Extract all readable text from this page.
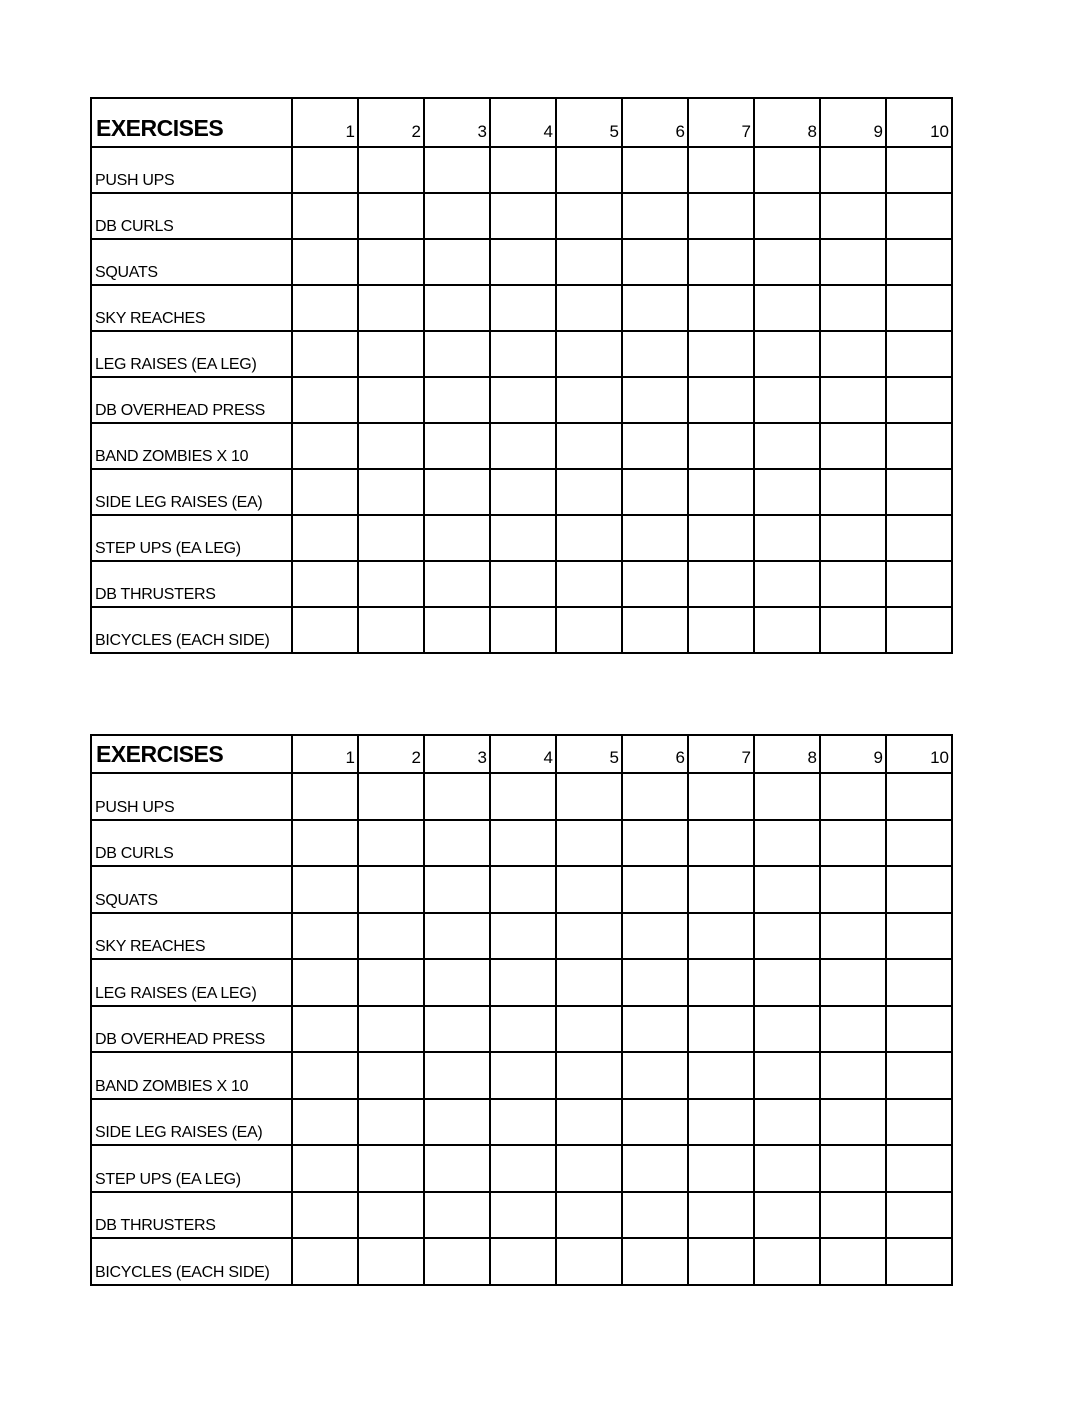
EXERCISES	1	2	3	4	5	6	7	8	9	10
PUSH UPS										
DB CURLS										
SQUATS										
SKY REACHES										
LEG RAISES (EA LEG)										
DB OVERHEAD PRESS										
BAND ZOMBIES X 10										
SIDE LEG RAISES (EA)										
STEP UPS (EA LEG)										
DB THRUSTERS										
BICYCLES (EACH SIDE)										
EXERCISES	1	2	3	4	5	6	7	8	9	10
PUSH UPS										
DB CURLS										
SQUATS										
SKY REACHES										
LEG RAISES (EA LEG)										
DB OVERHEAD PRESS										
BAND ZOMBIES X 10										
SIDE LEG RAISES (EA)										
STEP UPS (EA LEG)										
DB THRUSTERS										
BICYCLES (EACH SIDE)										
